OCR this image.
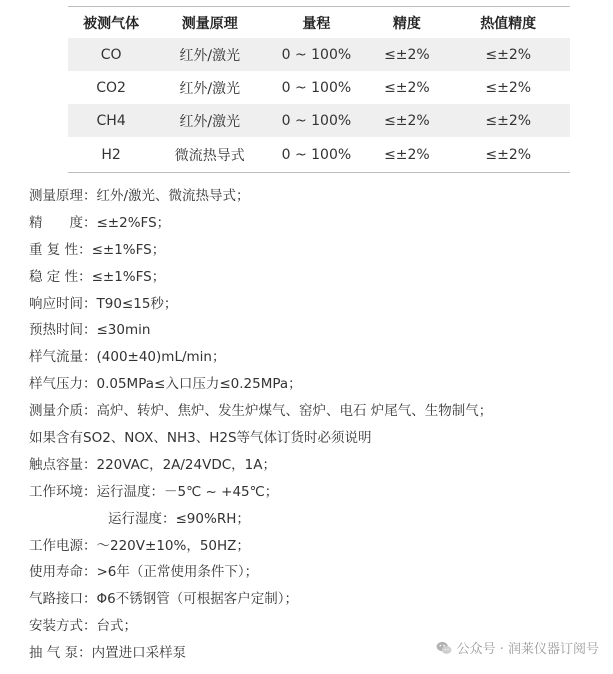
被测气体	测量原理	量程	精度	热值精度
CO	红外/激光	0 ~ 100%	≤±2%	≤±2%
CO2	红外/激光	0 ~ 100%	≤±2%	≤±2%
CH4	红外/激光	0 ~ 100%	≤±2%	≤±2%
H2	微流热导式	0 ~ 100%	≤±2%	≤±2%
测量原理：红外/激光、微流热导式；
精　　度：≤±2%FS；
重 复 性：≤±1%FS；
稳 定 性：≤±1%FS；
响应时间：T90≤15秒；
预热时间：≤30min
样气流量：(400±40)mL/min；
样气压力：0.05MPa≤入口压力≤0.25MPa；
测量介质：高炉、转炉、焦炉、发生炉煤气、窑炉、电石 炉尾气、生物制气；
如果含有SO2、NOX、NH3、H2S等气体订货时必须说明
触点容量：220VAC，2A/24VDC，1A；
工作环境：运行温度：－5℃ ~ +45℃；
运行湿度：≤90%RH；
工作电源：～220V±10%，50HZ；
使用寿命：>6年（正常使用条件下）；
气路接口：Φ6不锈钢管（可根据客户定制）；
安装方式：台式；
抽 气 泵：内置进口采样泵	公众号 · 润莱仪器订阅号
